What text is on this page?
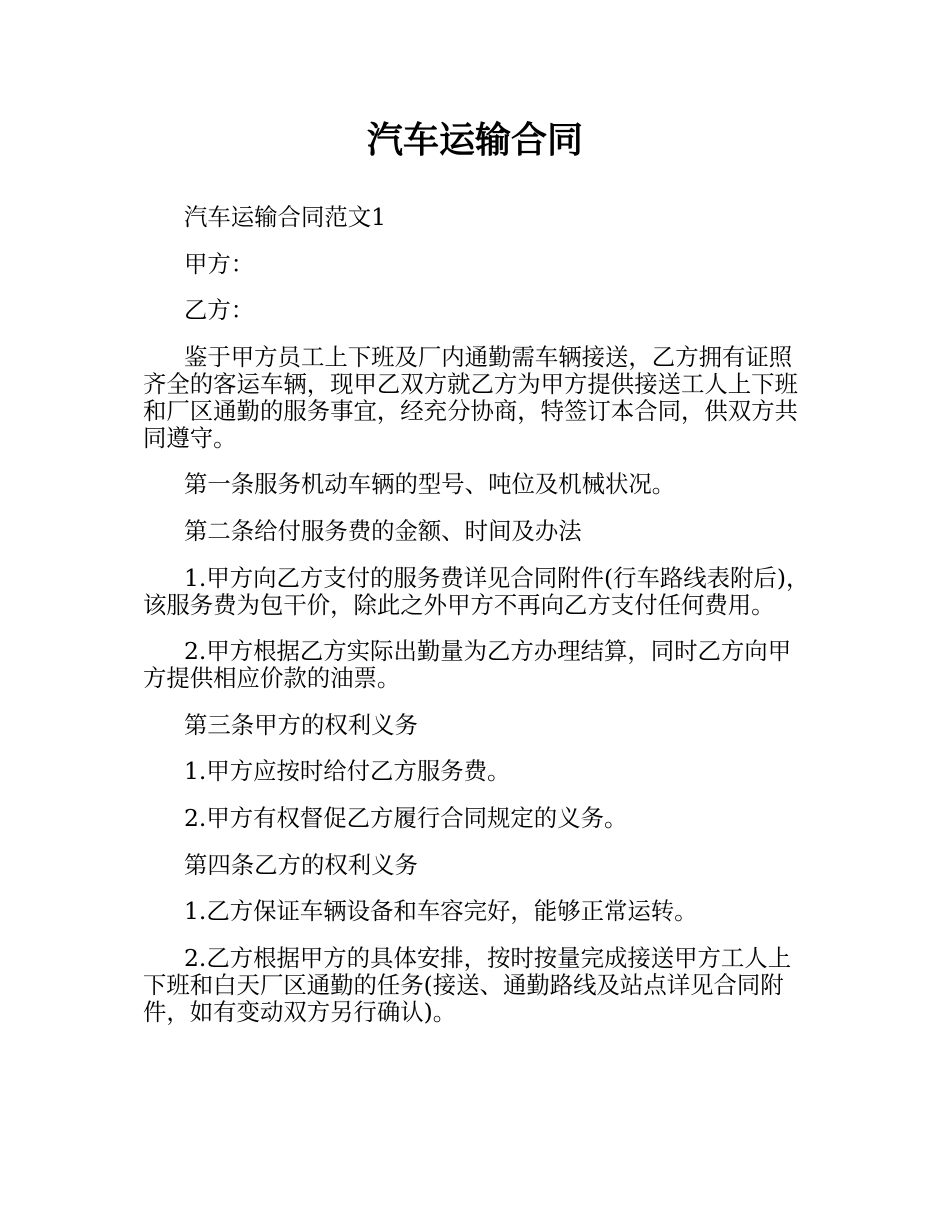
汽车运输合同

汽车运输合同范文1

甲方：

乙方：

鉴于甲方员工上下班及厂内通勤需车辆接送，乙方拥有证照齐全的客运车辆，现甲乙双方就乙方为甲方提供接送工人上下班和厂区通勤的服务事宜，经充分协商，特签订本合同，供双方共同遵守。

第一条服务机动车辆的型号、吨位及机械状况。

第二条给付服务费的金额、时间及办法

1.甲方向乙方支付的服务费详见合同附件(行车路线表附后)，该服务费为包干价，除此之外甲方不再向乙方支付任何费用。

2.甲方根据乙方实际出勤量为乙方办理结算，同时乙方向甲方提供相应价款的油票。

第三条甲方的权利义务

1.甲方应按时给付乙方服务费。

2.甲方有权督促乙方履行合同规定的义务。

第四条乙方的权利义务

1.乙方保证车辆设备和车容完好，能够正常运转。

2.乙方根据甲方的具体安排，按时按量完成接送甲方工人上下班和白天厂区通勤的任务(接送、通勤路线及站点详见合同附件，如有变动双方另行确认)。
